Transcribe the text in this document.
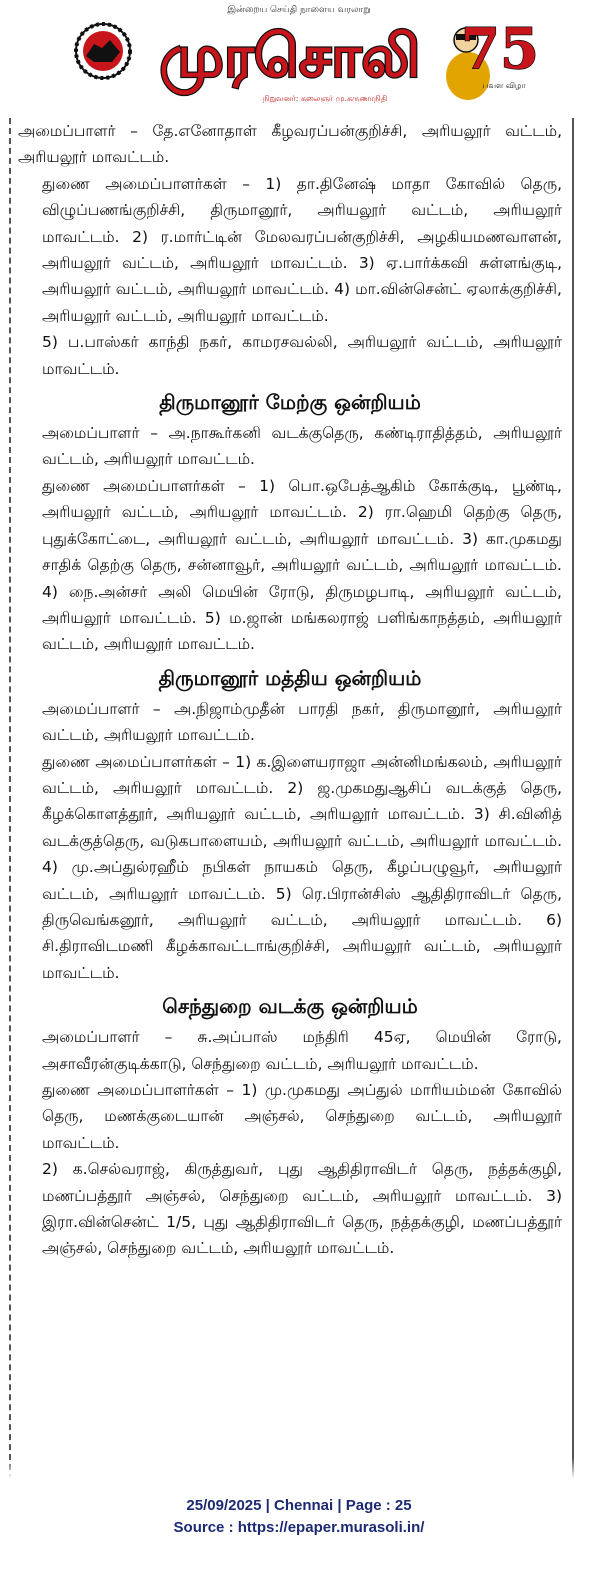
இன்றைய செய்தி நாளைய வரலாறு
முரசொலி
நிறுவனர்: கலைஞர் மு.கருணாநிதி
75
பவள விழா

அமைப்பாளர் – தே.எனோதாள் கீழவரப்பன்குறிச்சி, அரியலூர் வட்டம், அரியலூர் மாவட்டம்.

துணை அமைப்பாளர்கள் – 1) தா.தினேஷ் மாதா கோவில் தெரு, விழுப்பணங்குறிச்சி, திருமானூர், அரியலூர் வட்டம், அரியலூர் மாவட்டம். 2) ர.மார்ட்டின் மேலவரப்பன்குறிச்சி, அழகியமணவாளன், அரியலூர் வட்டம், அரியலூர் மாவட்டம். 3) ஏ.பார்க்கவி சுள்ளங்குடி, அரியலூர் வட்டம், அரியலூர் மாவட்டம். 4) மா.வின்சென்ட் ஏலாக்குறிச்சி, அரியலூர் வட்டம், அரியலூர் மாவட்டம்.

5) ப.பாஸ்கர் காந்தி நகர், காமரசவல்லி, அரியலூர் வட்டம், அரியலூர் மாவட்டம்.

திருமானூர் மேற்கு ஒன்றியம்

அமைப்பாளர் – அ.நாகூர்கனி வடக்குதெரு, கண்டிராதித்தம், அரியலூர் வட்டம், அரியலூர் மாவட்டம்.

துணை அமைப்பாளர்கள் – 1) பொ.ஒபேத்ஆகிம் கோக்குடி, பூண்டி, அரியலூர் வட்டம், அரியலூர் மாவட்டம். 2) ரா.ஹெமி தெற்கு தெரு, புதுக்கோட்டை, அரியலூர் வட்டம், அரியலூர் மாவட்டம். 3) கா.முகமது சாதிக் தெற்கு தெரு, சன்னாவூர், அரியலூர் வட்டம், அரியலூர் மாவட்டம். 4) நை.அன்சர் அலி மெயின் ரோடு, திருமழபாடி, அரியலூர் வட்டம், அரியலூர் மாவட்டம். 5) ம.ஜான் மங்கலராஜ் பளிங்காநத்தம், அரியலூர் வட்டம், அரியலூர் மாவட்டம்.

திருமானூர் மத்திய ஒன்றியம்

அமைப்பாளர் – அ.நிஜாம்முதீன் பாரதி நகர், திருமானூர், அரியலூர் வட்டம், அரியலூர் மாவட்டம்.

துணை அமைப்பாளர்கள் – 1) க.இளையராஜா அன்னிமங்கலம், அரியலூர் வட்டம், அரியலூர் மாவட்டம். 2) ஜ.முகமதுஆசிப் வடக்குத் தெரு, கீழக்கொளத்தூர், அரியலூர் வட்டம், அரியலூர் மாவட்டம். 3) சி.வினித் வடக்குத்தெரு, வடுகபாளையம், அரியலூர் வட்டம், அரியலூர் மாவட்டம். 4) மு.அப்துல்ரஹீம் நபிகள் நாயகம் தெரு, கீழப்பழுவூர், அரியலூர் வட்டம், அரியலூர் மாவட்டம். 5) ரெ.பிரான்சிஸ் ஆதிதிராவிடர் தெரு, திருவெங்கனூர், அரியலூர் வட்டம், அரியலூர் மாவட்டம். 6) சி.திராவிடமணி கீழக்காவட்டாங்குறிச்சி, அரியலூர் வட்டம், அரியலூர் மாவட்டம்.

செந்துறை வடக்கு ஒன்றியம்

அமைப்பாளர் – சு.அப்பாஸ் மந்திரி 45ஏ, மெயின் ரோடு, அசாவீரன்குடிக்காடு, செந்துறை வட்டம், அரியலூர் மாவட்டம்.

துணை அமைப்பாளர்கள் – 1) மு.முகமது அப்துல் மாரியம்மன் கோவில் தெரு, மணக்குடையான் அஞ்சல், செந்துறை வட்டம், அரியலூர் மாவட்டம்.

2) க.செல்வராஜ், கிருத்துவர், புது ஆதிதிராவிடர் தெரு, நத்தக்குழி, மணப்பத்தூர் அஞ்சல், செந்துறை வட்டம், அரியலூர் மாவட்டம். 3) இரா.வின்சென்ட் 1/5, புது ஆதிதிராவிடர் தெரு, நத்தக்குழி, மணப்பத்தூர் அஞ்சல், செந்துறை வட்டம், அரியலூர் மாவட்டம்.

25/09/2025 | Chennai | Page : 25
Source : https://epaper.murasoli.in/
